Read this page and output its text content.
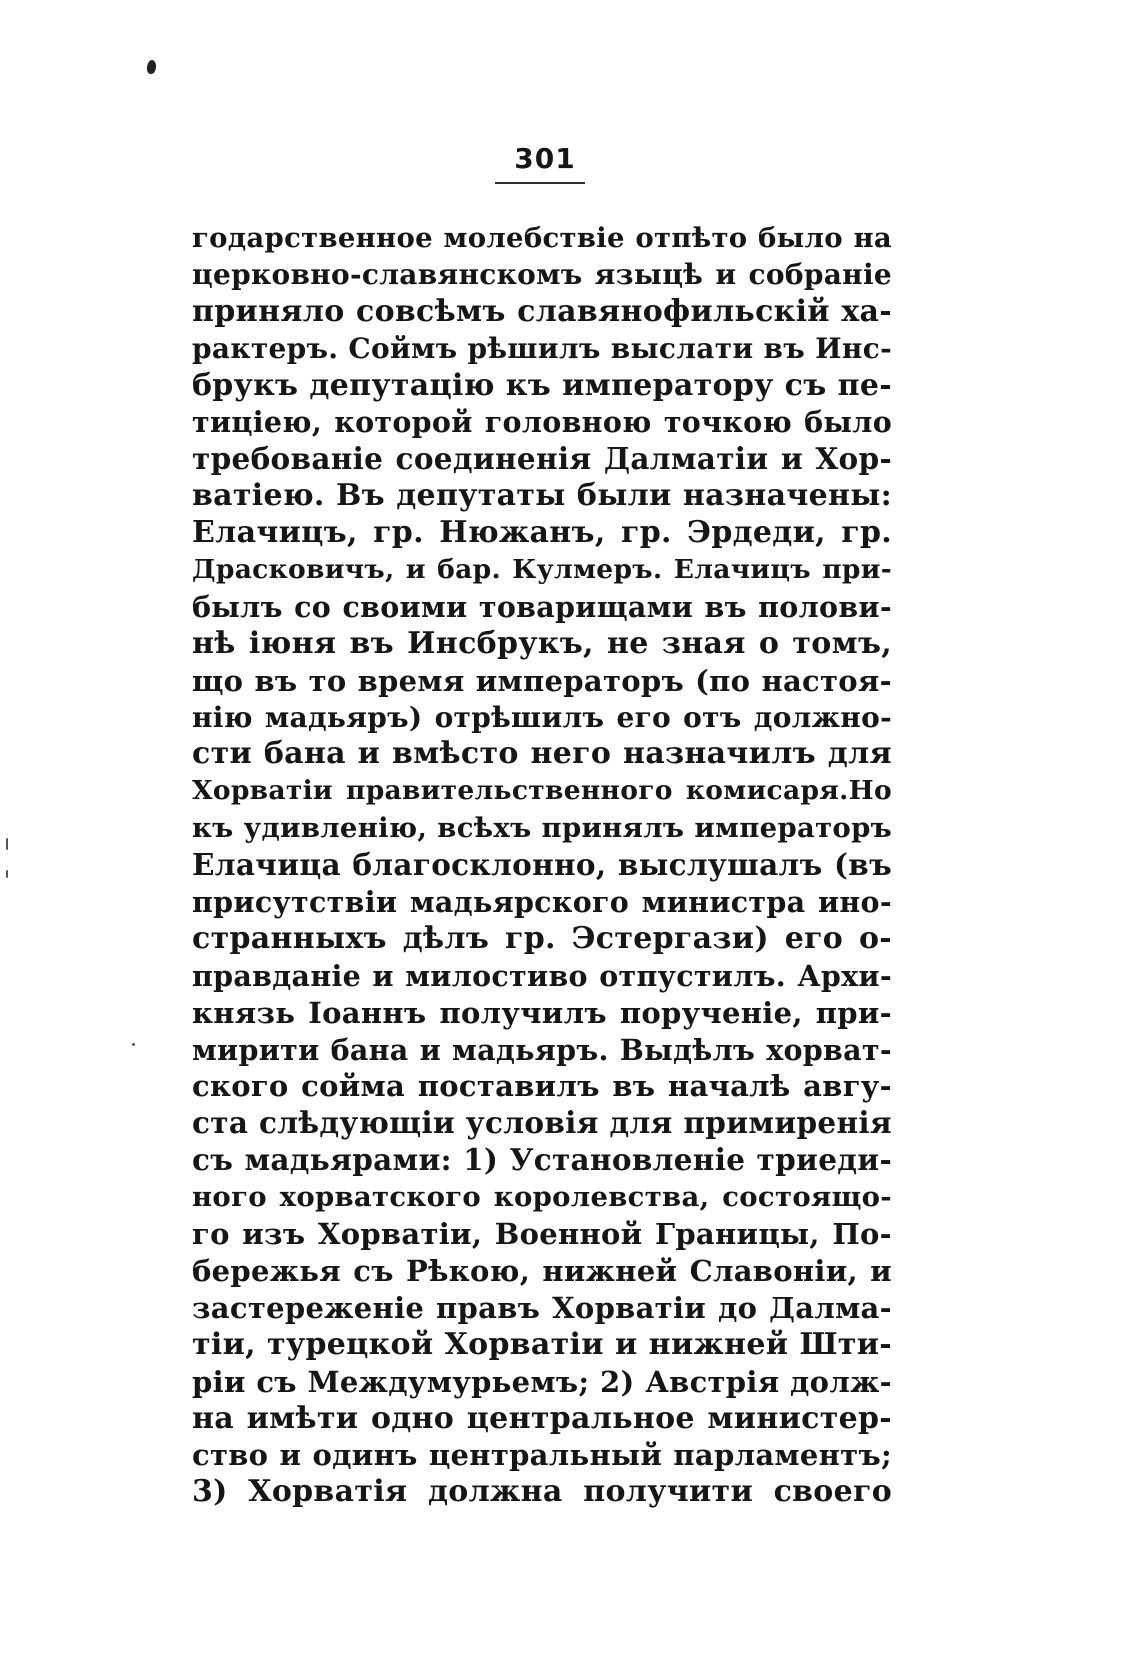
301
годарственное молебствіе отпѣто было на
церковно-славянскомъ языцѣ и собраніе
приняло совсѣмъ славянофильскій ха-
рактеръ. Соймъ рѣшилъ выслати въ Инс-
брукъ депутацію къ императору съ пе-
тиціею, которой головною точкою было
требованіе соединенія Далматіи и Хор-
ватіею. Въ депутаты были назначены:
Елачицъ, гр. Нюжанъ, гр. Эрдеди, гр.
Драсковичъ, и бар. Кулмеръ. Елачицъ при-
былъ со своими товарищами въ полови-
нѣ іюня въ Инсбрукъ, не зная о томъ,
що въ то время императоръ (по настоя-
нію мадьяръ) отрѣшилъ его отъ должно-
сти бана и вмѣсто него назначилъ для
Хорватіи правительственного комисаря.Но
къ удивленію, всѣхъ принялъ императоръ
Елачица благосклонно, выслушалъ (въ
присутствіи мадьярского министра ино-
странныхъ дѣлъ гр. Эстергази) его о-
правданіе и милостиво отпустилъ. Архи-
князь Іоаннъ получилъ порученіе, при-
мирити бана и мадьяръ. Выдѣлъ хорват-
ского сойма поставилъ въ началѣ авгу-
ста слѣдующіи условія для примиренія
съ мадьярами: 1) Установленіе триеди-
ного хорватского королевства, состоящо-
го изъ Хорватіи, Военной Границы, По-
бережья съ Рѣкою, нижней Славоніи, и
застереженіе правъ Хорватіи до Далма-
тіи, турецкой Хорватіи и нижней Шти-
ріи съ Междумурьемъ; 2) Австрія долж-
на имѣти одно центральное министер-
ство и одинъ центральный парламентъ;
3) Хорватія должна получити своего
